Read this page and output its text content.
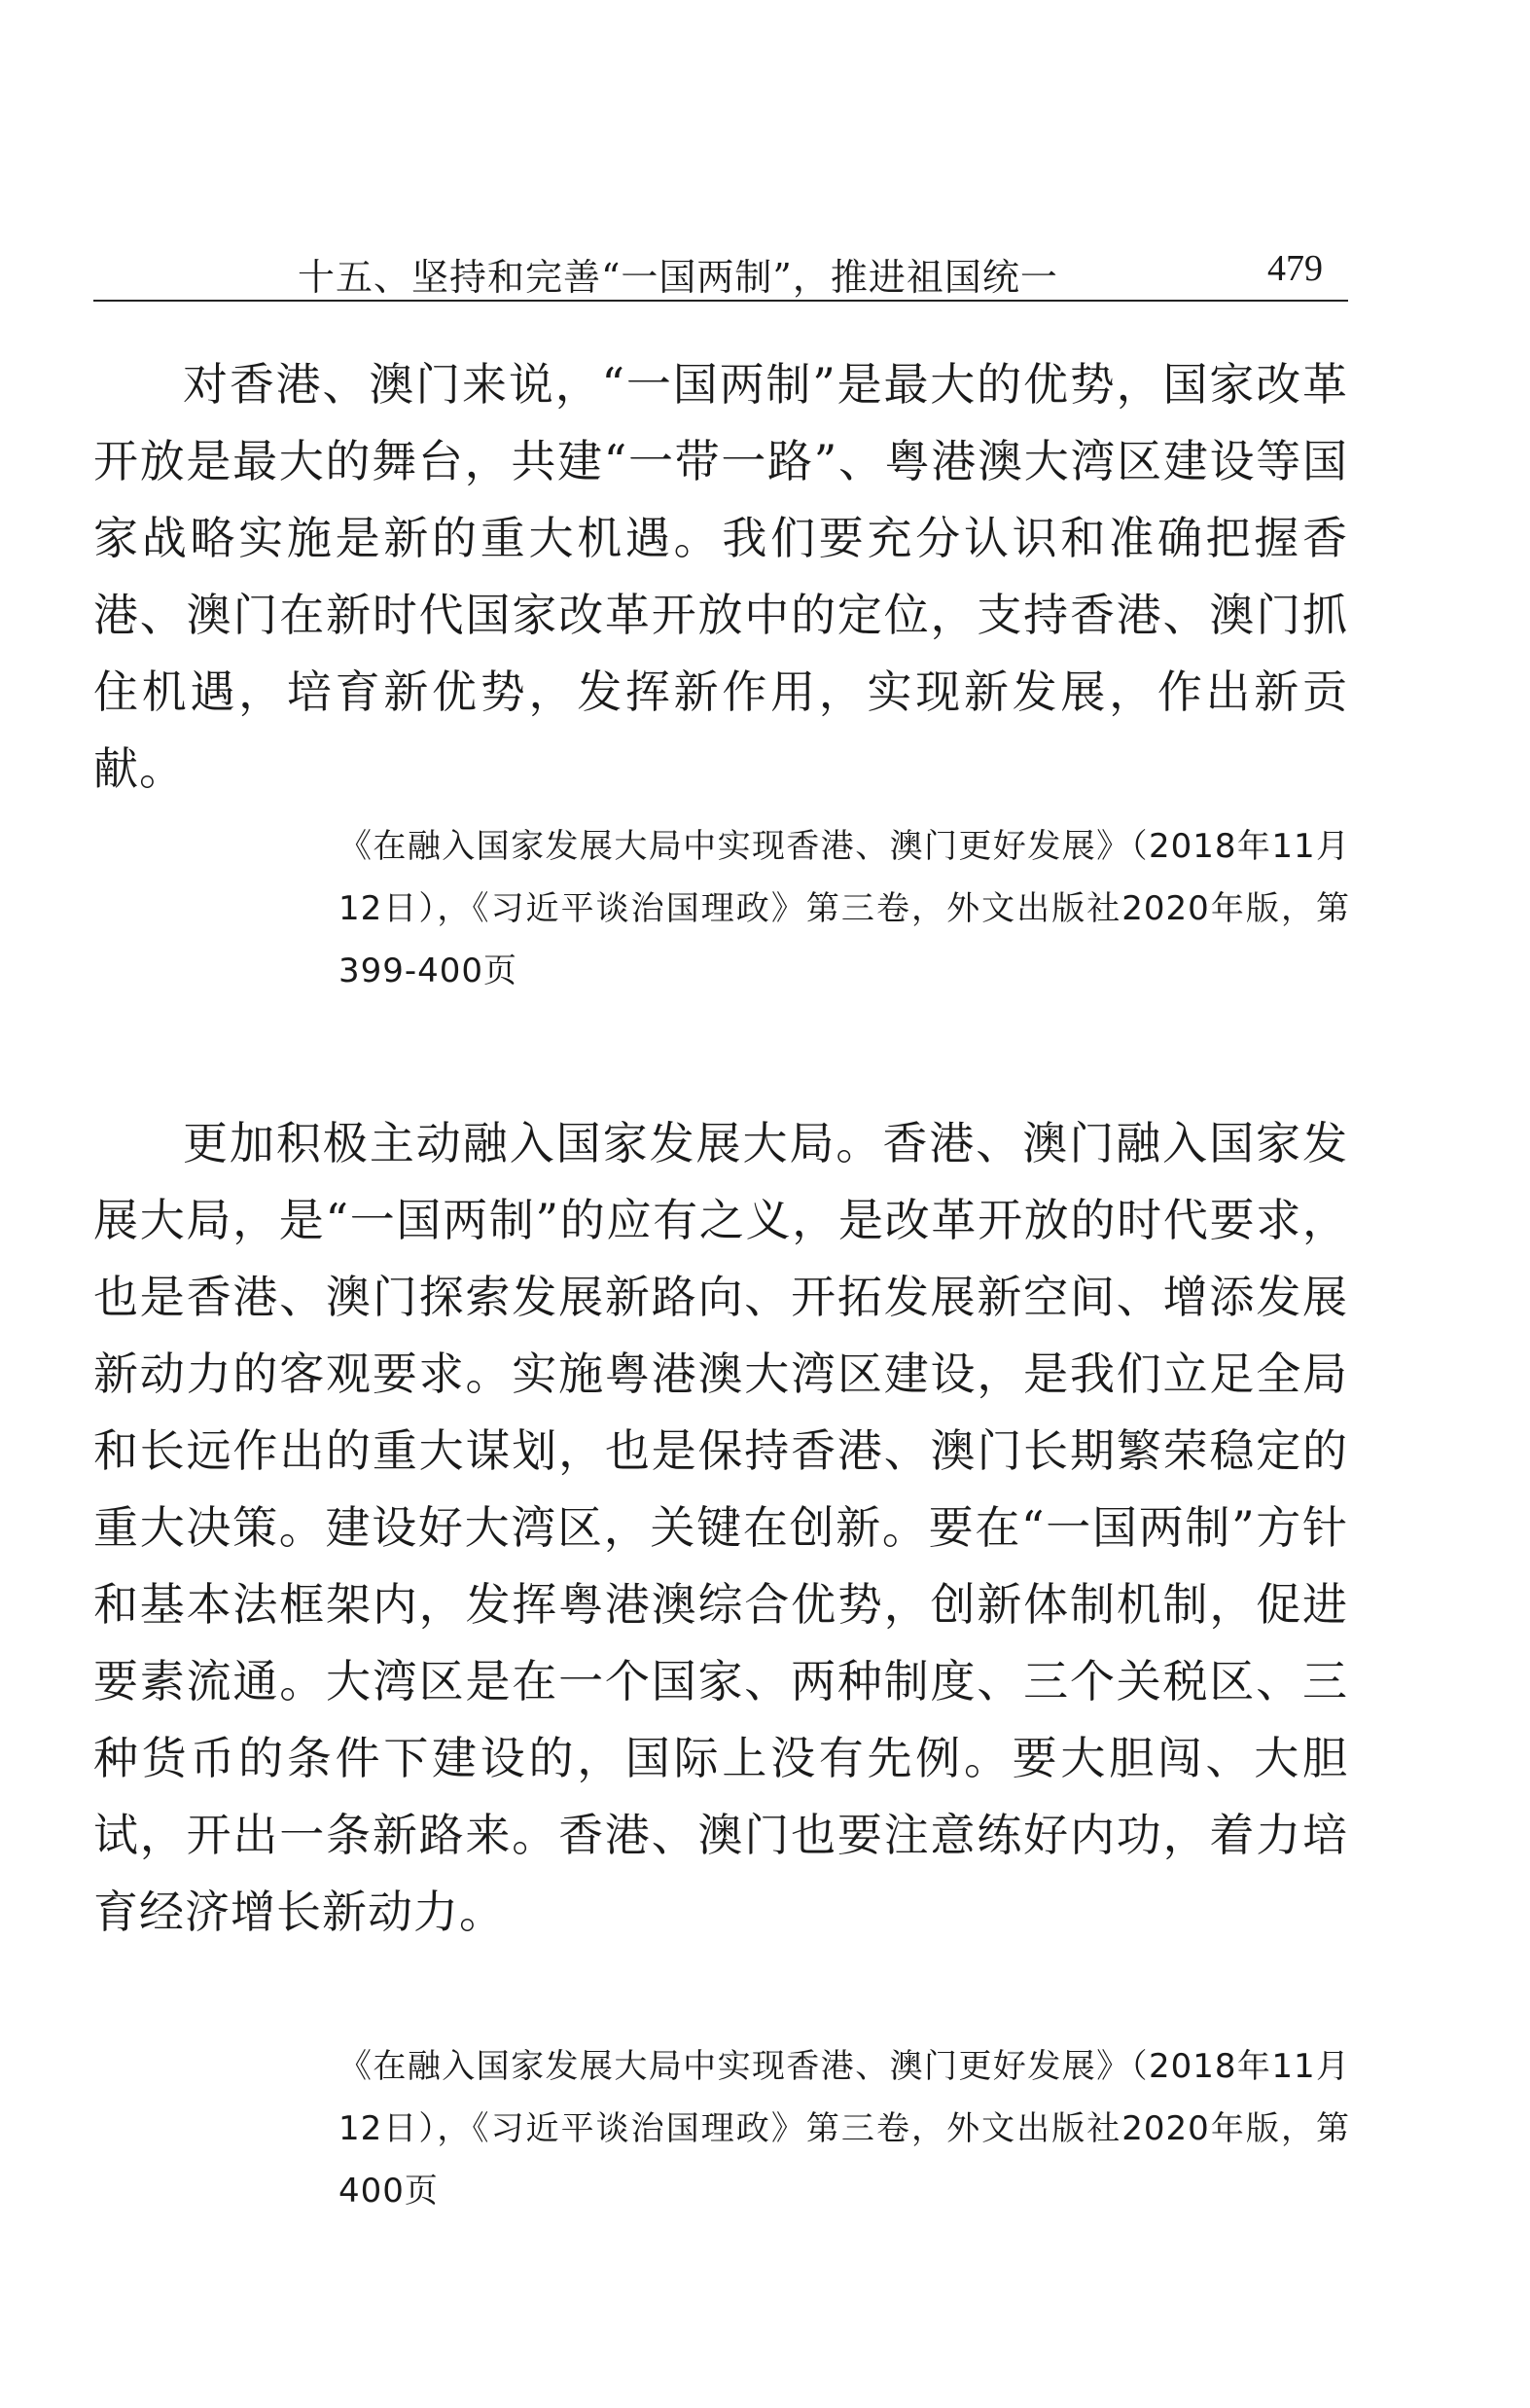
十五、坚持和完善“一国两制”，推进祖国统一	479

对香港、澳门来说，“一国两制”是最大的优势，国家改革开放是最大的舞台，共建“一带一路”、粤港澳大湾区建设等国家战略实施是新的重大机遇。我们要充分认识和准确把握香港、澳门在新时代国家改革开放中的定位，支持香港、澳门抓住机遇，培育新优势，发挥新作用，实现新发展，作出新贡献。

《在融入国家发展大局中实现香港、澳门更好发展》（2018年11月12日），《习近平谈治国理政》第三卷，外文出版社2020年版，第399-400页

更加积极主动融入国家发展大局。香港、澳门融入国家发展大局，是“一国两制”的应有之义，是改革开放的时代要求，也是香港、澳门探索发展新路向、开拓发展新空间、增添发展新动力的客观要求。实施粤港澳大湾区建设，是我们立足全局和长远作出的重大谋划，也是保持香港、澳门长期繁荣稳定的重大决策。建设好大湾区，关键在创新。要在“一国两制”方针和基本法框架内，发挥粤港澳综合优势，创新体制机制，促进要素流通。大湾区是在一个国家、两种制度、三个关税区、三种货币的条件下建设的，国际上没有先例。要大胆闯、大胆试，开出一条新路来。香港、澳门也要注意练好内功，着力培育经济增长新动力。

《在融入国家发展大局中实现香港、澳门更好发展》（2018年11月12日），《习近平谈治国理政》第三卷，外文出版社2020年版，第400页
